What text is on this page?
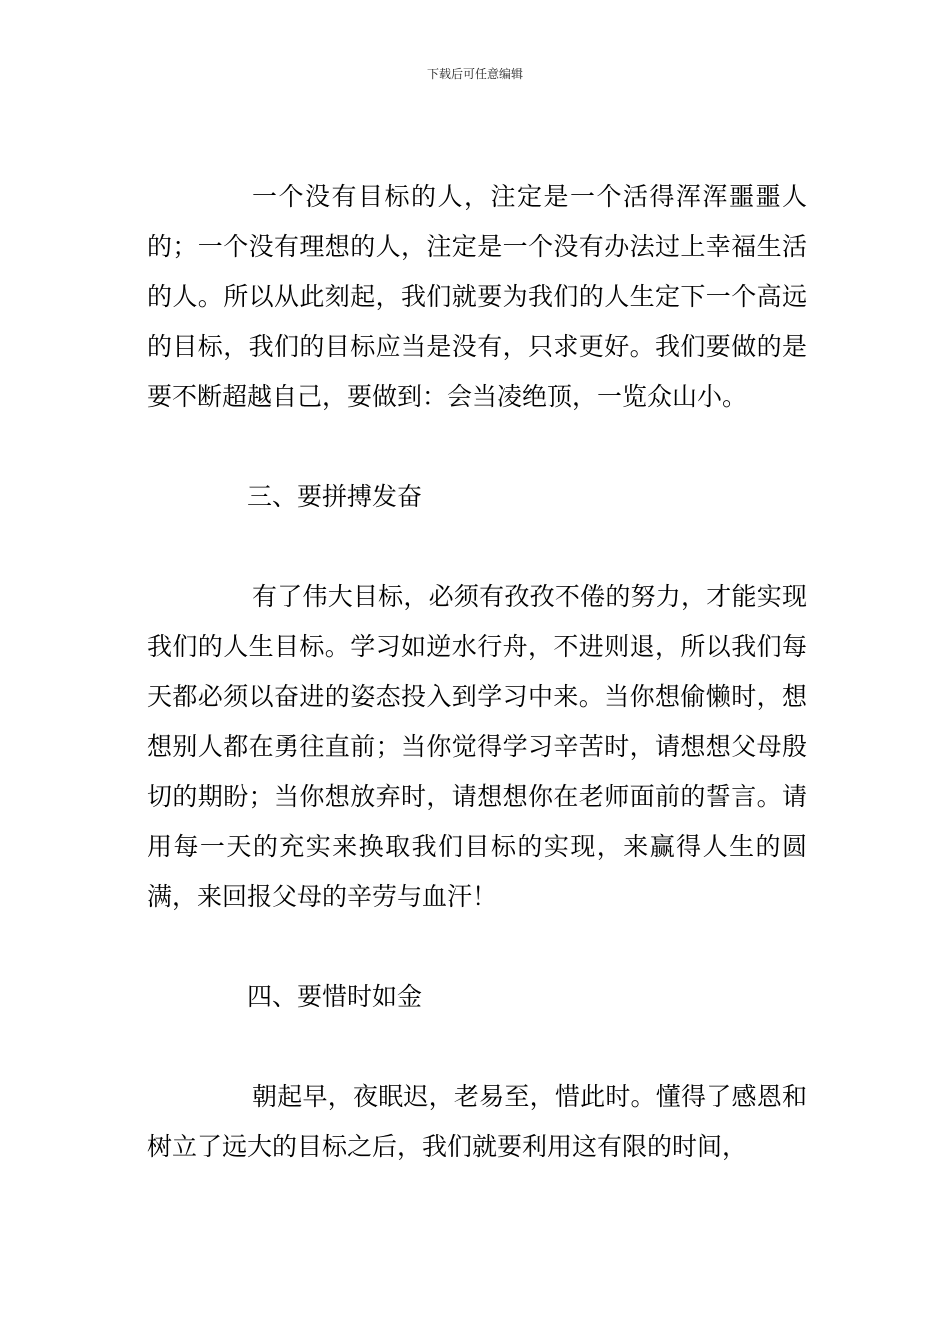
下载后可任意编辑

一个没有目标的人，注定是一个活得浑浑噩噩人的；一个没有理想的人，注定是一个没有办法过上幸福生活的人。所以从此刻起，我们就要为我们的人生定下一个高远的目标，我们的目标应当是没有，只求更好。我们要做的是要不断超越自己，要做到：会当凌绝顶，一览众山小。

三、要拼搏发奋

有了伟大目标，必须有孜孜不倦的努力，才能实现我们的人生目标。学习如逆水行舟，不进则退，所以我们每天都必须以奋进的姿态投入到学习中来。当你想偷懒时，想想别人都在勇往直前；当你觉得学习辛苦时，请想想父母殷切的期盼；当你想放弃时，请想想你在老师面前的誓言。请用每一天的充实来换取我们目标的实现，来赢得人生的圆满，来回报父母的辛劳与血汗！

四、要惜时如金

朝起早，夜眠迟，老易至，惜此时。懂得了感恩和树立了远大的目标之后，我们就要利用这有限的时间，
